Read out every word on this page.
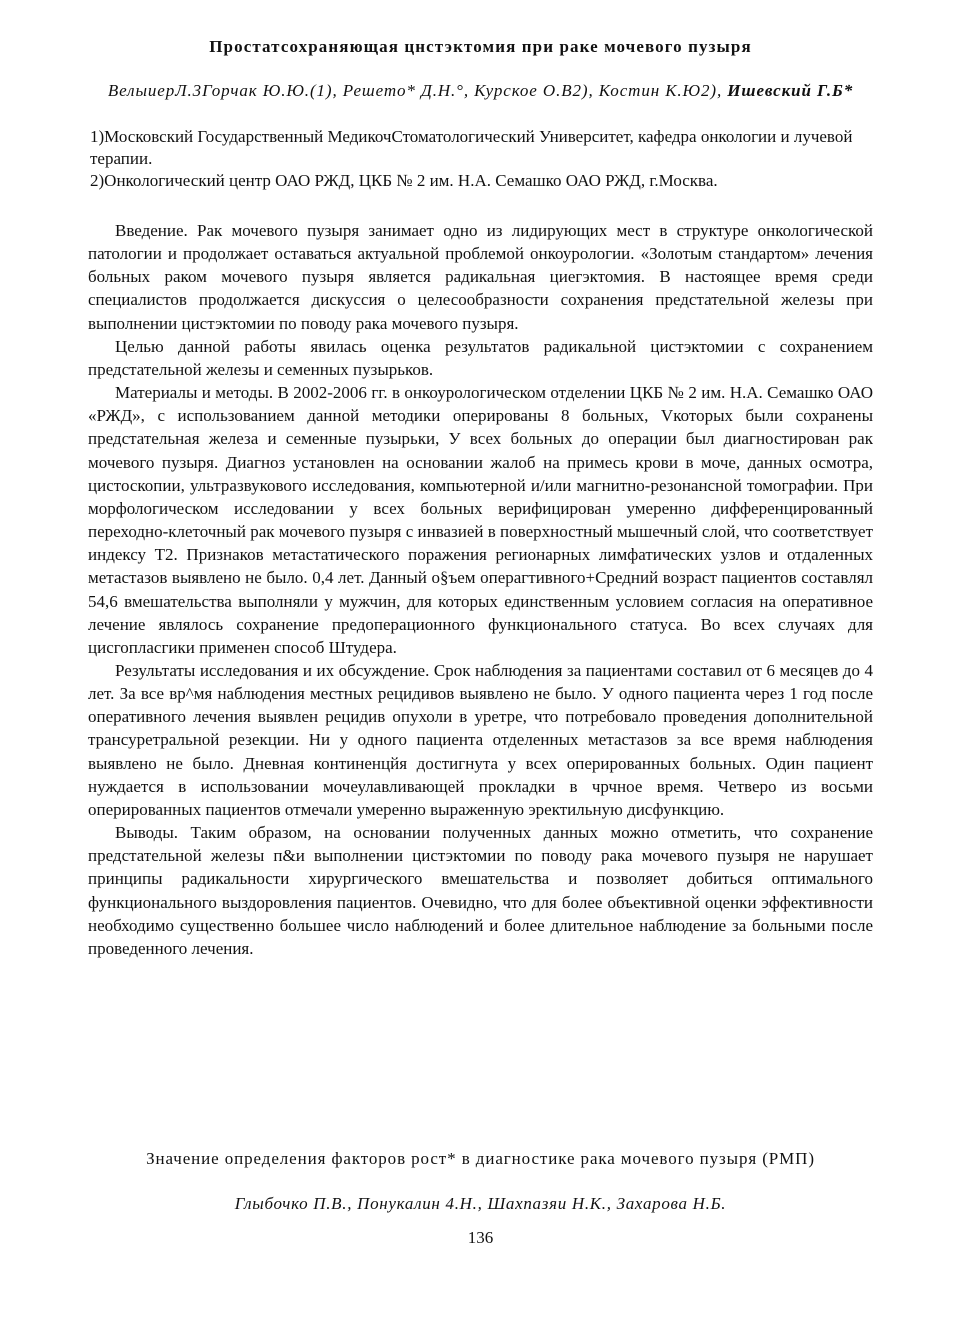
Простатсохраняющая цнстэктомия при раке мочевого пузыря

ВелыиерЛ.3Горчак Ю.Ю.(1), Решето* Д.Н.°, Курское О.В2), Костин К.Ю2), Ишевский Г.Б*

1)Московский Государственный МедикочСтоматологический Университет, кафедра онкологии и лучевой терапии.

2)Онкологический центр ОАО РЖД, ЦКБ № 2 им. Н.А. Семашко ОАО РЖД, г.Москва.

Введение. Рак мочевого пузыря занимает одно из лидирующих мест в структуре онкологической патологии и продолжает оставаться актуальной проблемой онкоурологии. «Золотым стандартом» лечения больных раком мочевого пузыря является радикальная циегэктомия. В настоящее время среди специалистов продолжается дискуссия о целесообразности сохранения предстательной железы при выполнении цистэктомии по поводу рака мочевого пузыря.

Целью данной работы явилась оценка результатов радикальной цистэктомии с сохранением предстательной железы и семенных пузырьков.

Материалы и методы. В 2002-2006 гг. в онкоурологическом отделении ЦКБ № 2 им. Н.А. Семашко ОАО «РЖД», с использованием данной методики оперированы 8 больных, Vкоторых были сохранены предстательная железа и семенные пузырьки, У всех больных до операции был диагностирован рак мочевого пузыря. Диагноз установлен на основании жалоб на примесь крови в моче, данных осмотра, цистоскопии, ультразвукового исследования, компьютерной и/или магнитно-резонансной томографии. При морфологическом исследовании у всех больных верифицирован умеренно дифференцированный переходно-клеточный рак мочевого пузыря с инвазией в поверхностный мышечный слой, что соответствует индексу Т2. Признаков метастатического поражения регионарных лимфатических узлов и отдаленных метастазов выявлено не было. 0,4 лет. Данный о§ъем операгтивного+Средний возраст пациентов составлял 54,6 вмешательства выполняли у мужчин, для которых единственным условием согласия на оперативное лечение являлось сохранение предоперационного функционального статуса. Во всех случаях для цисгопласгики применен способ Штудера.

Результаты исследования и их обсуждение. Срок наблюдения за пациентами составил от 6 месяцев до 4 лет. За все вр^мя наблюдения местных рецидивов выявлено не было. У одного пациента через 1 год после оперативного лечения выявлен рецидив опухоли в уретре, что потребовало проведения дополнительной трансуретральной резекции. Ни у одного пациента отделенных метастазов за все время наблюдения выявлено не было. Дневная континенцйя достигнута у всех оперированных больных. Один пациент нуждается в использовании мочеулавливающей прокладки в чрчное время. Четверо из восьми оперированных пациентов отмечали умеренно выраженную эректильную дисфункцию.

Выводы. Таким образом, на основании полученных данных можно отметить, что сохранение предстательной железы п&и выполнении цистэктомии по поводу рака мочевого пузыря не нарушает принципы радикальности хирургического вмешательства и позволяет добиться оптимального функционального выздоровления пациентов. Очевидно, что для более объективной оценки эффективности необходимо существенно большее число наблюдений и более длительное наблюдение за больными после проведенного лечения.

Значение определения факторов рост* в диагностике рака мочевого пузыря (РМП)

Глыбочко П.В., Понукалин 4.Н., Шахпазяи Н.К., Захарова Н.Б.

136
